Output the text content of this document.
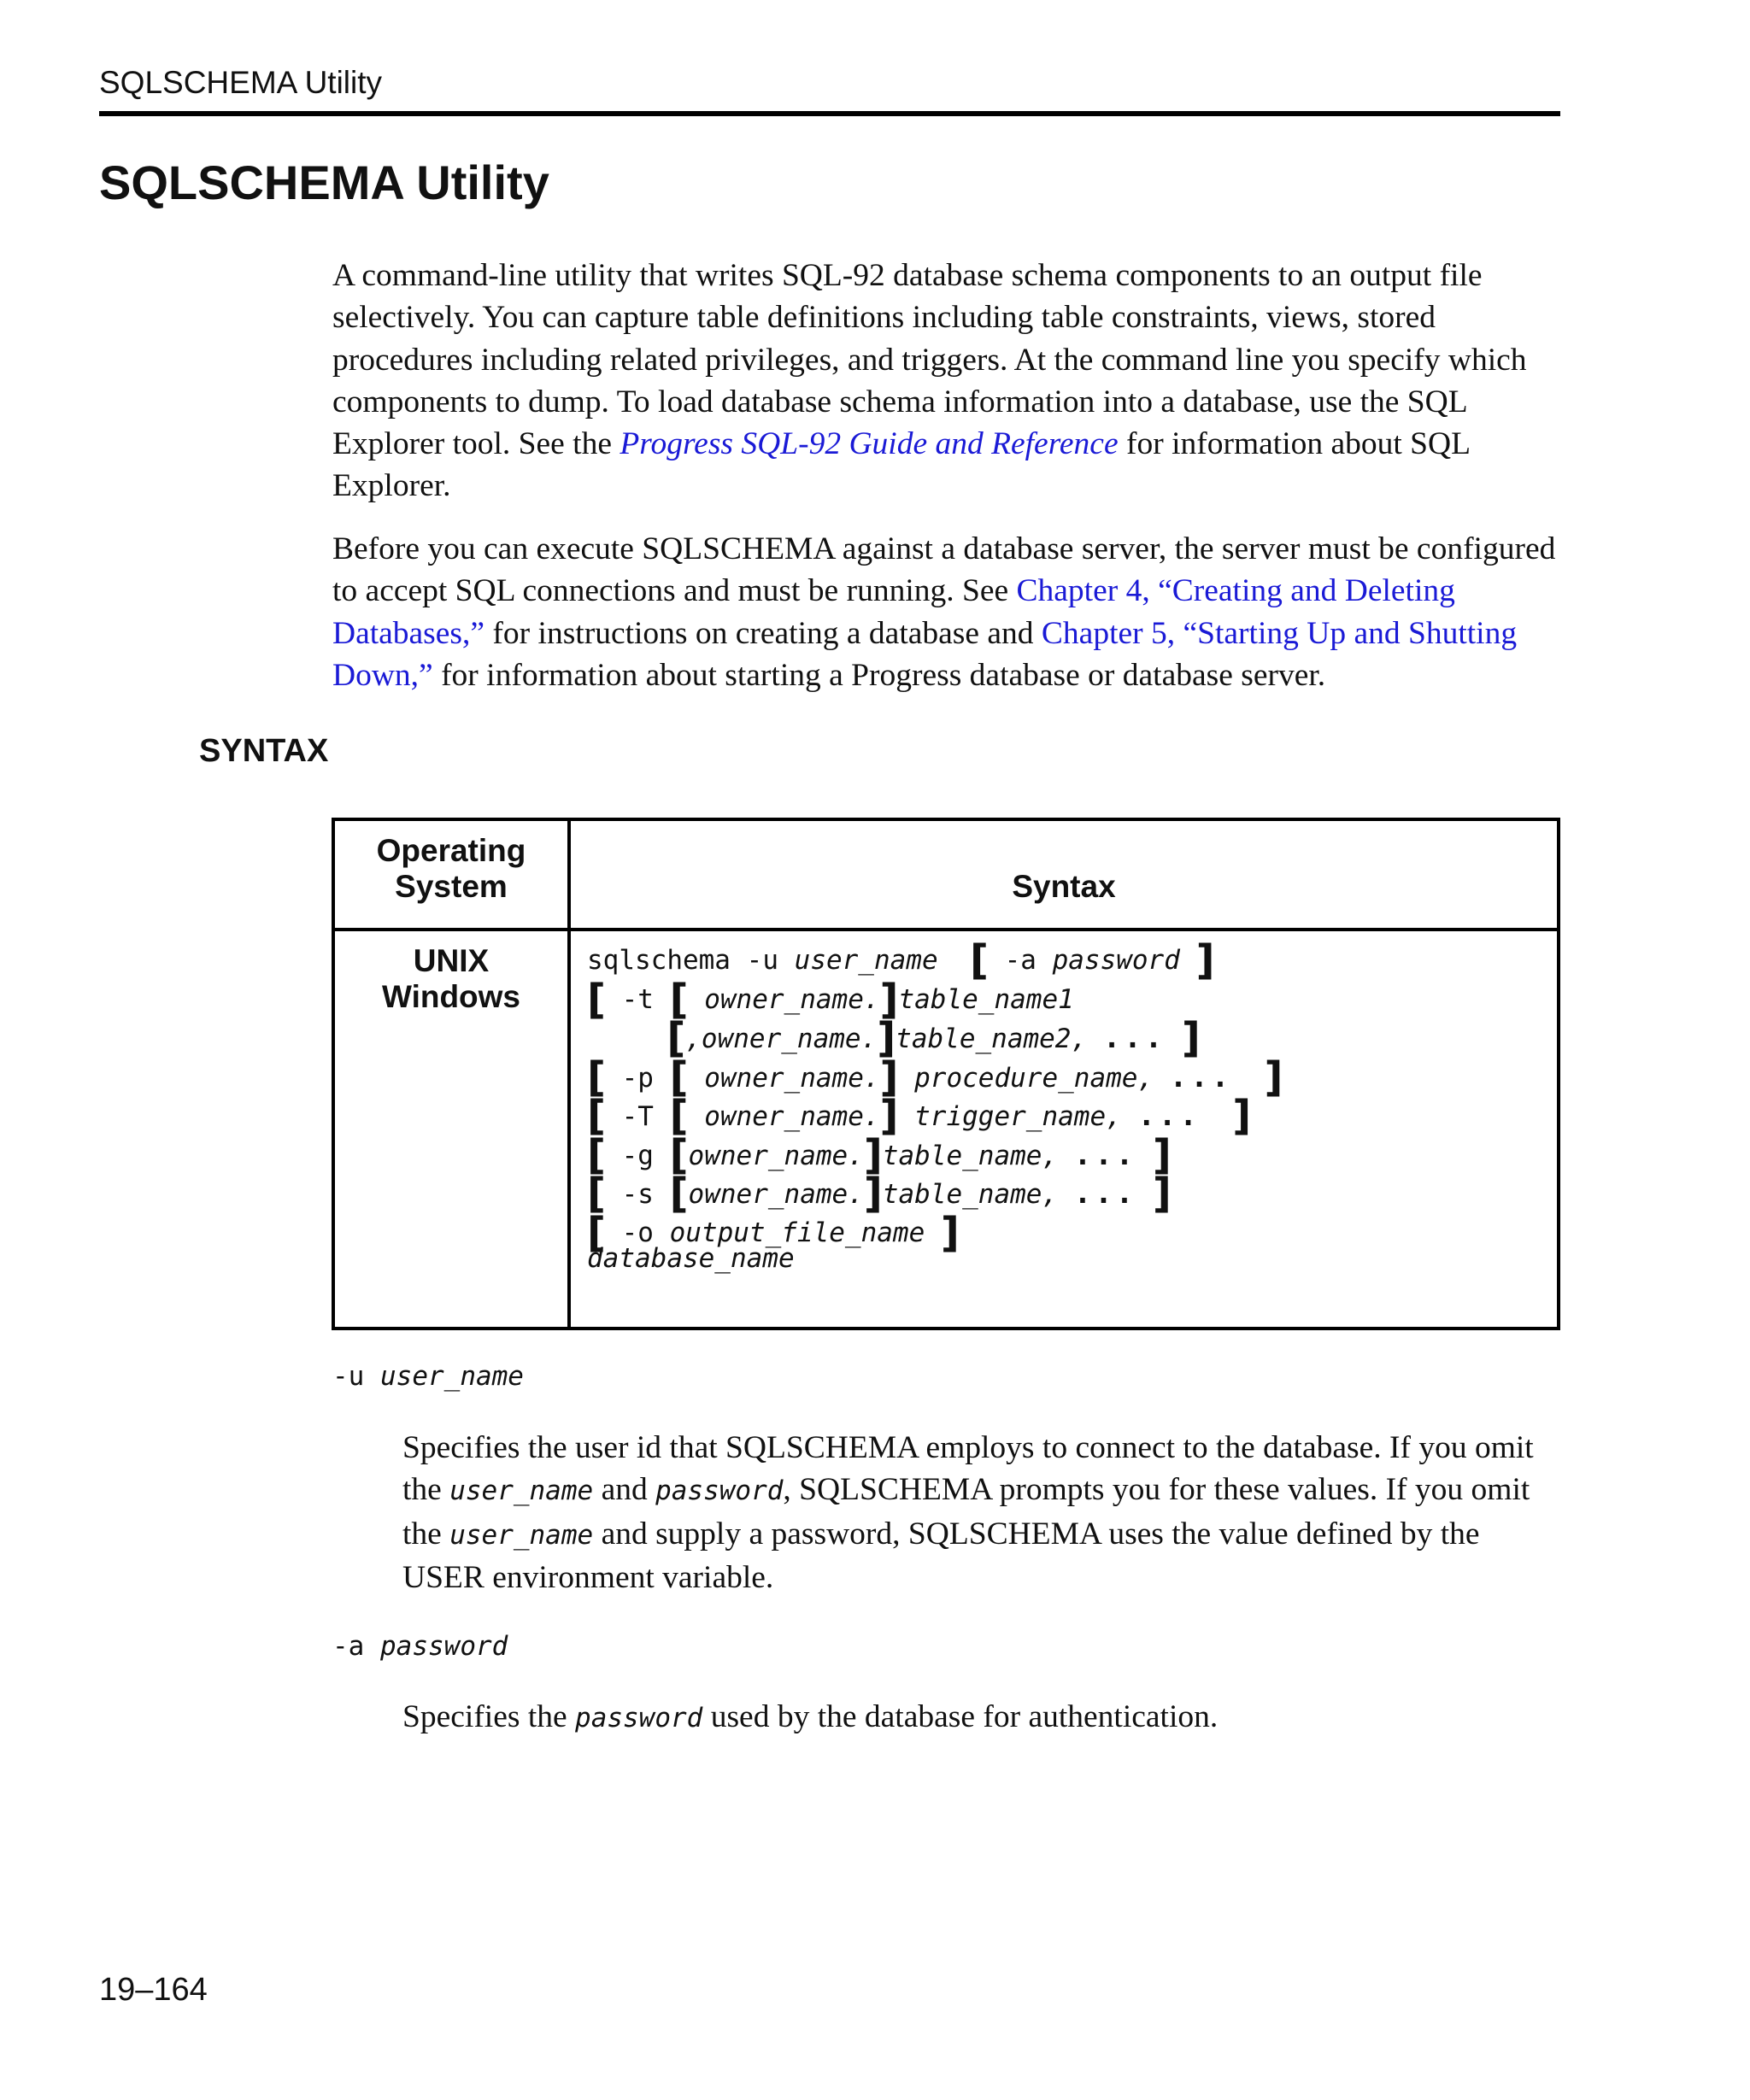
SQLSCHEMA Utility
SQLSCHEMA Utility

A command-line utility that writes SQL-92 database schema components to an output file selectively. You can capture table definitions including table constraints, views, stored procedures including related privileges, and triggers. At the command line you specify which components to dump. To load database schema information into a database, use the SQL Explorer tool. See the Progress SQL-92 Guide and Reference for information about SQL Explorer.

Before you can execute SQLSCHEMA against a database server, the server must be configured to accept SQL connections and must be running. See Chapter 4, “Creating and Deleting Databases,” for instructions on creating a database and Chapter 5, “Starting Up and Shutting Down,” for information about starting a Progress database or database server.

SYNTAX
Operating
System	Syntax
UNIX
Windows
sqlschema -u user_name [ -a password ]
[ -t [ owner_name.]table_name1
[,owner_name.]table_name2, ... ]
[ -p [ owner_name.] procedure_name, ... ]
[ -T [ owner_name.] trigger_name, ... ]
[ -g [owner_name.]table_name, ... ]
[ -s [owner_name.]table_name, ... ]
[ -o output_file_name ]
database_name
-u user_name

Specifies the user id that SQLSCHEMA employs to connect to the database. If you omit the user_name and password, SQLSCHEMA prompts you for these values. If you omit the user_name and supply a password, SQLSCHEMA uses the value defined by the USER environment variable.

-a password

Specifies the password used by the database for authentication.

19–164
